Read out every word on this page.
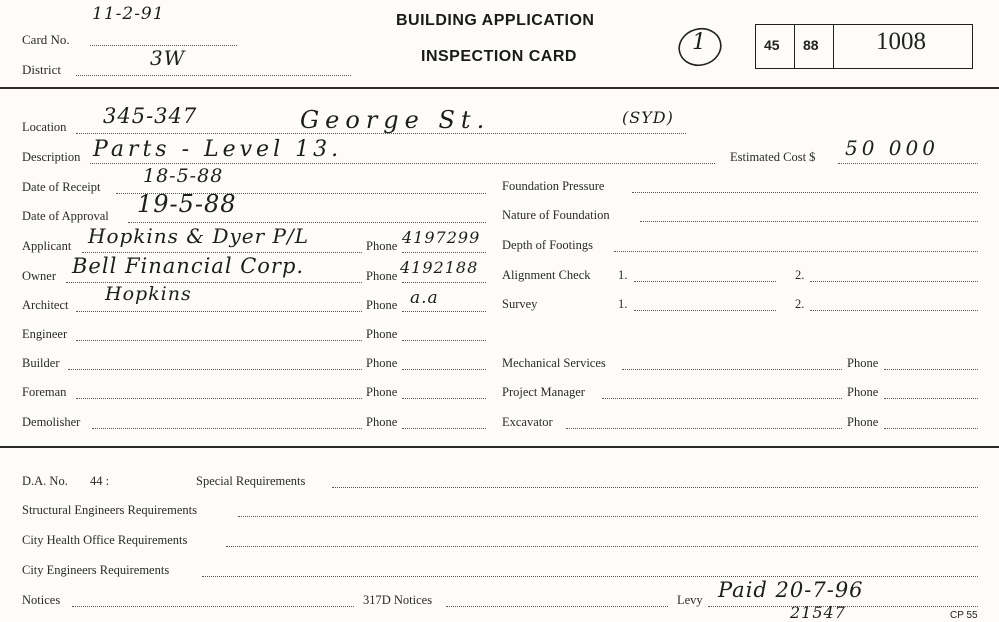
11-2-91
Card No.
3W
District
BUILDING APPLICATION
INSPECTION CARD
1	45 88 1008
Location 345-347	George St.	(SYD)
Description Parts - Level 13.	Estimated Cost $ 50 000
Date of Receipt 18-5-88
Date of Approval 19-5-88
Applicant Hopkins & Dyer P/L	Phone 4197299
Owner Bell Financial Corp.	Phone 4192188
Architect Hopkins	Phone a.a
Engineer	Phone
Builder	Phone
Foreman	Phone
Demolisher	Phone
Foundation Pressure
Nature of Foundation
Depth of Footings
Alignment Check 1.	2.
Survey	1.	2.
Mechanical Services	Phone
Project Manager	Phone
Excavator	Phone
D.A. No. 44 :	Special Requirements
Structural Engineers Requirements
City Health Office Requirements
City Engineers Requirements
Notices	317D Notices	Levy Paid 20-7-96
21547	CP 55
